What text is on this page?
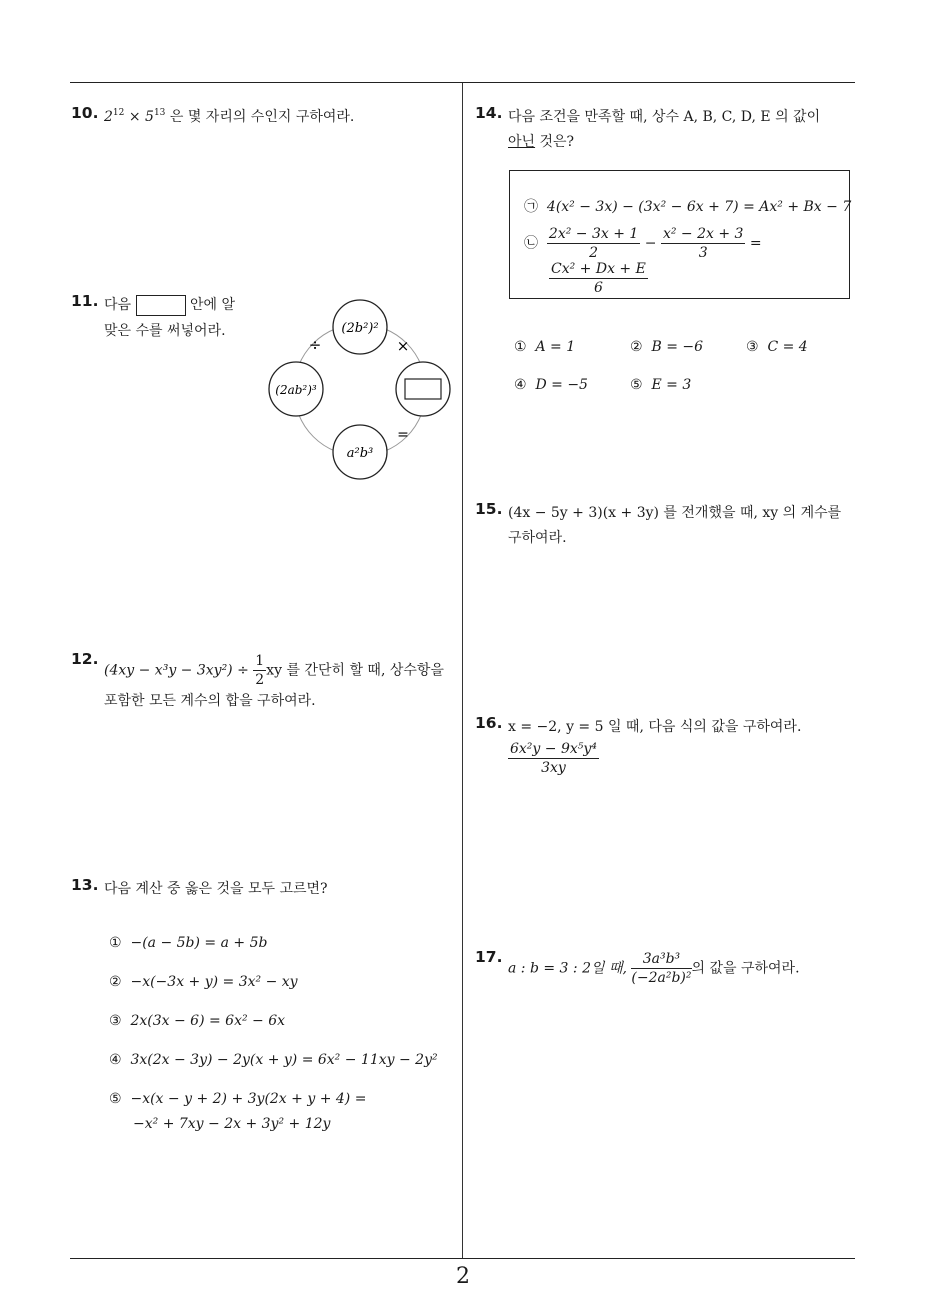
10. $2^{12} \times 5^{13}$ 은 몇 자리의 수인지 구하여라.
11. 다음	안에 알
맞은 수를 써넣어라.	(2b²)²
(2ab²)³
a²b³
÷	×
=
12.
$(4xy - x^3y - 3xy^2) \div \frac{1}{2}$ xy 를 간단히 할 때, 상수항을
포함한 모든 계수의 합을 구하여라.
13. 다음 계산 중 옳은 것을 모두 고르면?
① −(a − 5b) = a + 5b
② −x(−3x + y) = 3x² − xy
③ 2x(3x − 6) = 6x² − 6x
④ 3x(2x − 3y) − 2y(x + y) = 6x² − 11xy − 2y²
⑤ −x(x − y + 2) + 3y(2x + y + 4) =
−x² + 7xy − 2x + 3y² + 12y
14. 다음 조건을 만족할 때, 상수 A, B, C, D, E 의 값이
아닌 것은?
㉠ 4(x² − 3x) − (3x² − 6x + 7) = Ax² + Bx − 7
㉡ $\frac{\text{2x² − 3x + 1}}{2} - \frac{\text{x² − 2x + 3}}{3}$ =
$\frac{\text{Cx² + Dx + E}}{6}$
① A = 1	② B = −6	③ C = 4
④ D = −5	⑤ E = 3
15. (4x − 5y + 3)(x + 3y) 를 전개했을 때, xy 의 계수를
구하여라.
16. x = −2, y = 5 일 때, 다음 식의 값을 구하여라.
$\frac{\text{6x²y − 9x⁵y⁴}}{3xy}$
17.
a : b = 3 : 2일 때, $\frac{\text{3a³b³}}{\text{(−2a²b)²}}$ 의 값을 구하여라.
2
